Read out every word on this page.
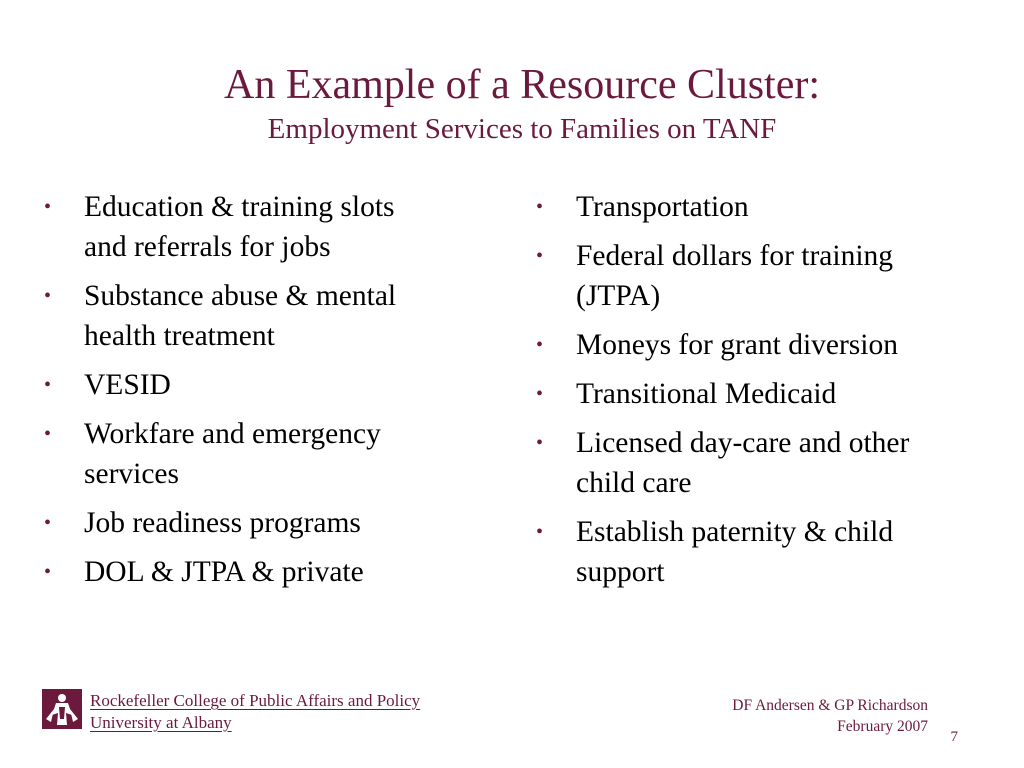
An Example of a Resource Cluster:
Employment Services to Families on TANF
•	Education & training slots
and referrals for jobs
•	Substance abuse & mental
health treatment
•	VESID
•	Workfare and emergency
services
•	Job readiness programs
•	DOL & JTPA & private
•	Transportation
•	Federal dollars for training
(JTPA)
•	Moneys for grant diversion
•	Transitional Medicaid
•	Licensed day-care and other
child care
•	Establish paternity & child
support
Rockefeller College of Public Affairs and Policy
University at Albany
DF Andersen & GP Richardson
February 2007
7
